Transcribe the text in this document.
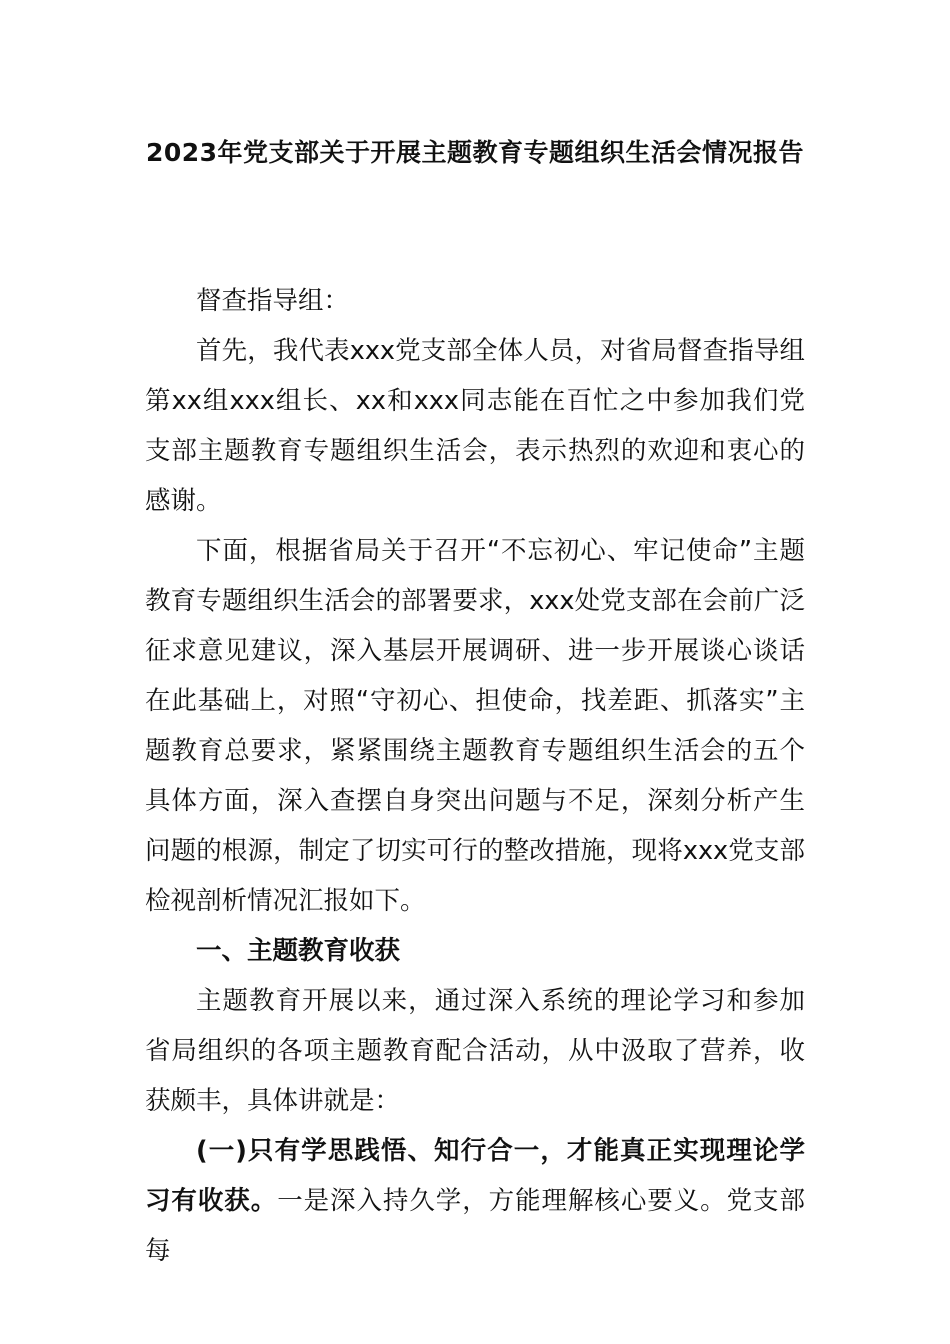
2023年党支部关于开展主题教育专题组织生活会情况报告

督查指导组：

首先，我代表xxx党支部全体人员，对省局督查指导组第xx组xxx组长、xx和xxx同志能在百忙之中参加我们党支部主题教育专题组织生活会，表示热烈的欢迎和衷心的感谢。

下面，根据省局关于召开“不忘初心、牢记使命”主题教育专题组织生活会的部署要求，xxx处党支部在会前广泛征求意见建议，深入基层开展调研、进一步开展谈心谈话在此基础上，对照“守初心、担使命，找差距、抓落实”主题教育总要求，紧紧围绕主题教育专题组织生活会的五个具体方面，深入查摆自身突出问题与不足，深刻分析产生问题的根源，制定了切实可行的整改措施，现将xxx党支部检视剖析情况汇报如下。

一、主题教育收获

主题教育开展以来，通过深入系统的理论学习和参加省局组织的各项主题教育配合活动，从中汲取了营养，收获颇丰，具体讲就是：

(一)只有学思践悟、知行合一，才能真正实现理论学习有收获。一是深入持久学，方能理解核心要义。党支部每
